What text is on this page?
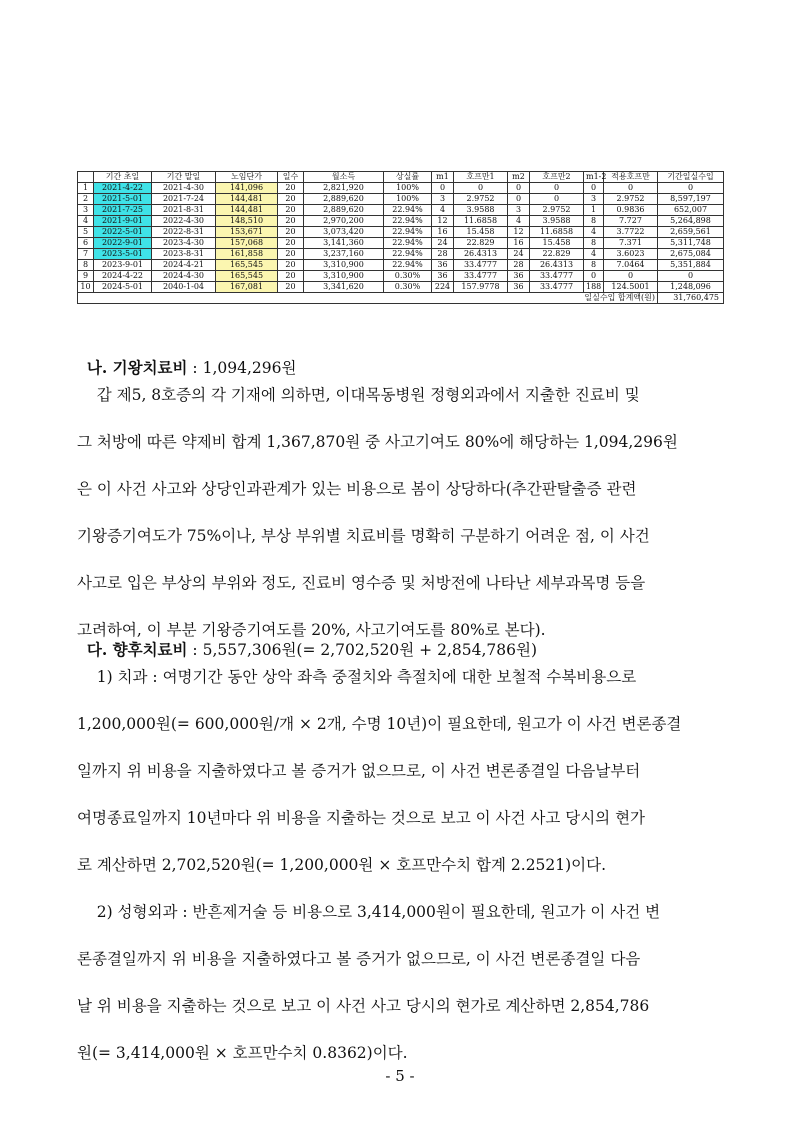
	기간 초일	기간 말일	노임단가	일수	월소득	상실률	m1	호프만1	m2	호프만2	m1-2	적용호프만	기간일실수입
1	2021-4-22	2021-4-30	141,096	20	2,821,920	100%	0	0	0	0	0	0	0
2	2021-5-01	2021-7-24	144,481	20	2,889,620	100%	3	2.9752	0	0	3	2.9752	8,597,197
3	2021-7-25	2021-8-31	144,481	20	2,889,620	22.94%	4	3.9588	3	2.9752	1	0.9836	652,007
4	2021-9-01	2022-4-30	148,510	20	2,970,200	22.94%	12	11.6858	4	3.9588	8	7.727	5,264,898
5	2022-5-01	2022-8-31	153,671	20	3,073,420	22.94%	16	15.458	12	11.6858	4	3.7722	2,659,561
6	2022-9-01	2023-4-30	157,068	20	3,141,360	22.94%	24	22.829	16	15.458	8	7.371	5,311,748
7	2023-5-01	2023-8-31	161,858	20	3,237,160	22.94%	28	26.4313	24	22.829	4	3.6023	2,675,084
8	2023-9-01	2024-4-21	165,545	20	3,310,900	22.94%	36	33.4777	28	26.4313	8	7.0464	5,351,884
9	2024-4-22	2024-4-30	165,545	20	3,310,900	0.30%	36	33.4777	36	33.4777	0	0	0
10	2024-5-01	2040-1-04	167,081	20	3,341,620	0.30%	224	157.9778	36	33.4777	188	124.5001	1,248,096
일실수입 합계액(원)													31,760,475

나. 기왕치료비 : 1,094,296원

갑 제5, 8호증의 각 기재에 의하면, 이대목동병원 정형외과에서 지출한 진료비 및
그 처방에 따른 약제비 합계 1,367,870원 중 사고기여도 80%에 해당하는 1,094,296원
은 이 사건 사고와 상당인과관계가 있는 비용으로 봄이 상당하다(추간판탈출증 관련
기왕증기여도가 75%이나, 부상 부위별 치료비를 명확히 구분하기 어려운 점, 이 사건
사고로 입은 부상의 부위와 정도, 진료비 영수증 및 처방전에 나타난 세부과목명 등을
고려하여, 이 부분 기왕증기여도를 20%, 사고기여도를 80%로 본다).

다. 향후치료비 : 5,557,306원(= 2,702,520원 + 2,854,786원)

1) 치과 : 여명기간 동안 상악 좌측 중절치와 측절치에 대한 보철적 수복비용으로
1,200,000원(= 600,000원/개 × 2개, 수명 10년)이 필요한데, 원고가 이 사건 변론종결
일까지 위 비용을 지출하였다고 볼 증거가 없으므로, 이 사건 변론종결일 다음날부터
여명종료일까지 10년마다 위 비용을 지출하는 것으로 보고 이 사건 사고 당시의 현가
로 계산하면 2,702,520원(= 1,200,000원 × 호프만수치 합계 2.2521)이다.
2) 성형외과 : 반흔제거술 등 비용으로 3,414,000원이 필요한데, 원고가 이 사건 변
론종결일까지 위 비용을 지출하였다고 볼 증거가 없으므로, 이 사건 변론종결일 다음
날 위 비용을 지출하는 것으로 보고 이 사건 사고 당시의 현가로 계산하면 2,854,786
원(= 3,414,000원 × 호프만수치 0.8362)이다.
- 5 -
